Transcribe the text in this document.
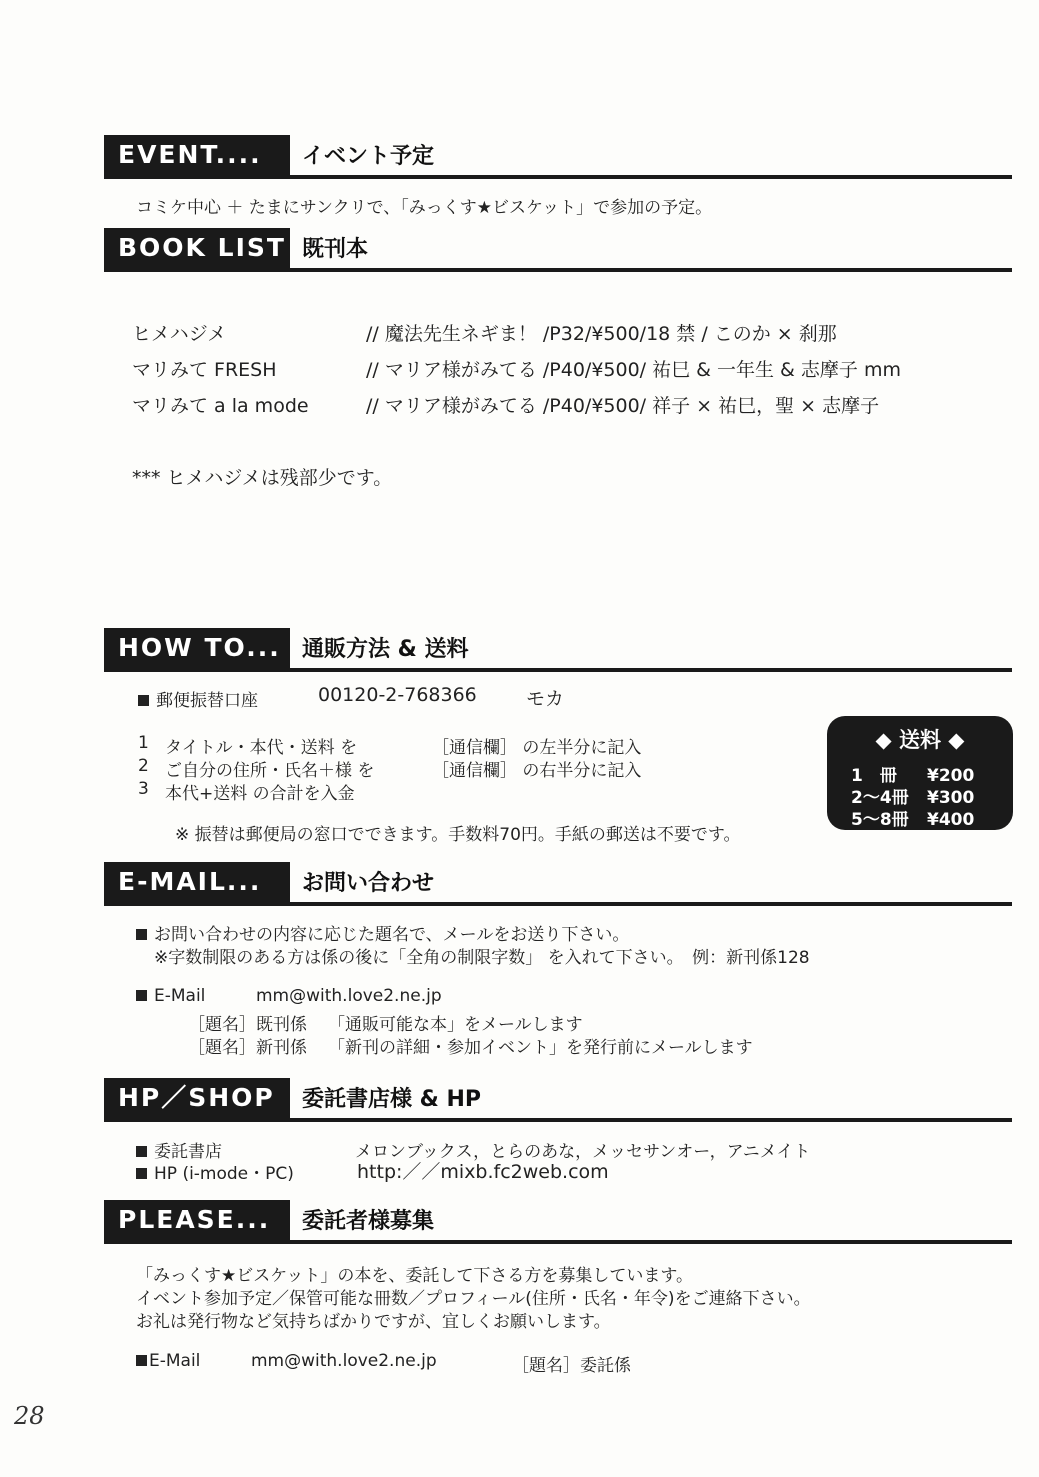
EVENT....	イベント予定
コミケ中心 ＋ たまにサンクリで、「みっくす★ビスケット」で参加の予定。
BOOK LIST 既刊本
ヒメハジメ	// 魔法先生ネギま！ /P32/¥500/18 禁 / このか × 刹那
マリみて FRESH	// マリア様がみてる /P40/¥500/ 祐巳 & 一年生 & 志摩子 mm
マリみて a la mode	// マリア様がみてる /P40/¥500/ 祥子 × 祐巳，聖 × 志摩子
*** ヒメハジメは残部少です。
HOW TO... 通販方法 & 送料
郵便振替口座	00120-2-768366	モカ
1 タイトル・本代・送料 を	［通信欄］ の左半分に記入
2 ご自分の住所・氏名＋様 を	［通信欄］ の右半分に記入
3 本代+送料 の合計を入金
※ 振替は郵便局の窓口でできます。手数料70円。手紙の郵送は不要です。
◆ 送料 ◆
1　冊 ¥200
2～4冊 ¥300
5～8冊 ¥400
E-MAIL...	お問い合わせ
お問い合わせの内容に応じた題名で、メールをお送り下さい。
※字数制限のある方は係の後に「全角の制限字数」 を入れて下さい。　例：新刊係128
E-Mail	mm@with.love2.ne.jp
［題名］既刊係 「通販可能な本」をメールします
［題名］新刊係 「新刊の詳細・参加イベント」を発行前にメールします
HP／SHOP	委託書店様 & HP
委託書店	メロンブックス，とらのあな，メッセサンオー，アニメイト
HP (i-mode・PC)	http:／／mixb.fc2web.com
PLEASE...	委託者様募集
「みっくす★ビスケット」の本を、委託して下さる方を募集しています。
イベント参加予定／保管可能な冊数／プロフィール(住所・氏名・年令)をご連絡下さい。
お礼は発行物など気持ちばかりですが、宜しくお願いします。
E-Mail	mm@with.love2.ne.jp	［題名］委託係
28
